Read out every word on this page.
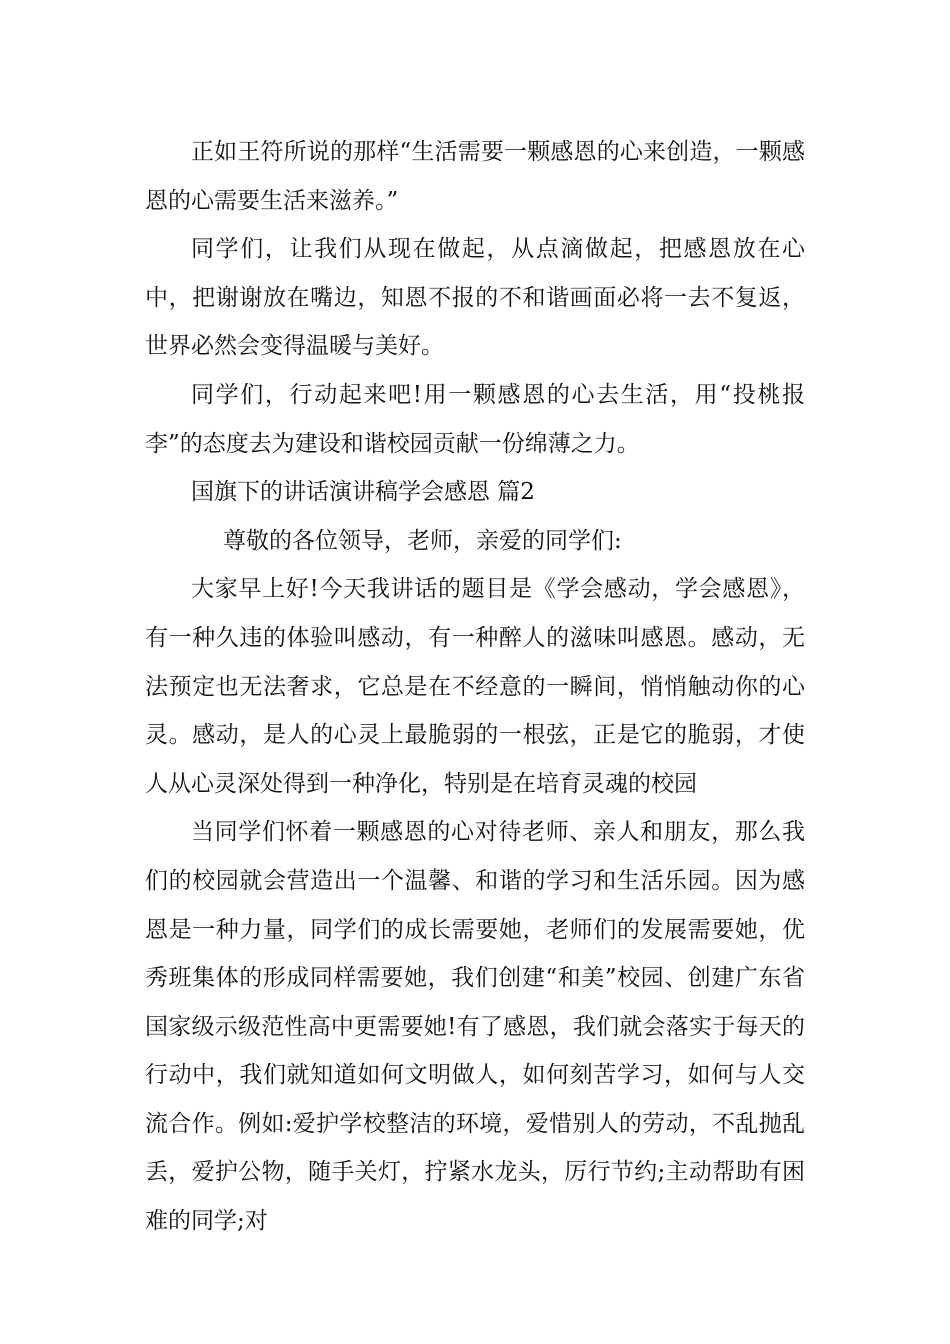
正如王符所说的那样“生活需要一颗感恩的心来创造，一颗感恩的心需要生活来滋养。”

同学们，让我们从现在做起，从点滴做起，把感恩放在心中，把谢谢放在嘴边，知恩不报的不和谐画面必将一去不复返，世界必然会变得温暖与美好。

同学们，行动起来吧!用一颗感恩的心去生活，用“投桃报李”的态度去为建设和谐校园贡献一份绵薄之力。

国旗下的讲话演讲稿学会感恩 篇2

尊敬的各位领导，老师，亲爱的同学们:

大家早上好!今天我讲话的题目是《学会感动，学会感恩》，有一种久违的体验叫感动，有一种醉人的滋味叫感恩。感动，无法预定也无法奢求，它总是在不经意的一瞬间，悄悄触动你的心灵。感动，是人的心灵上最脆弱的一根弦，正是它的脆弱，才使人从心灵深处得到一种净化，特别是在培育灵魂的校园

当同学们怀着一颗感恩的心对待老师、亲人和朋友，那么我们的校园就会营造出一个温馨、和谐的学习和生活乐园。因为感恩是一种力量，同学们的成长需要她，老师们的发展需要她，优秀班集体的形成同样需要她，我们创建“和美”校园、创建广东省国家级示级范性高中更需要她!有了感恩，我们就会落实于每天的行动中，我们就知道如何文明做人，如何刻苦学习，如何与人交流合作。例如:爱护学校整洁的环境，爱惜别人的劳动，不乱抛乱丢，爱护公物，随手关灯，拧紧水龙头，厉行节约;主动帮助有困难的同学;对
